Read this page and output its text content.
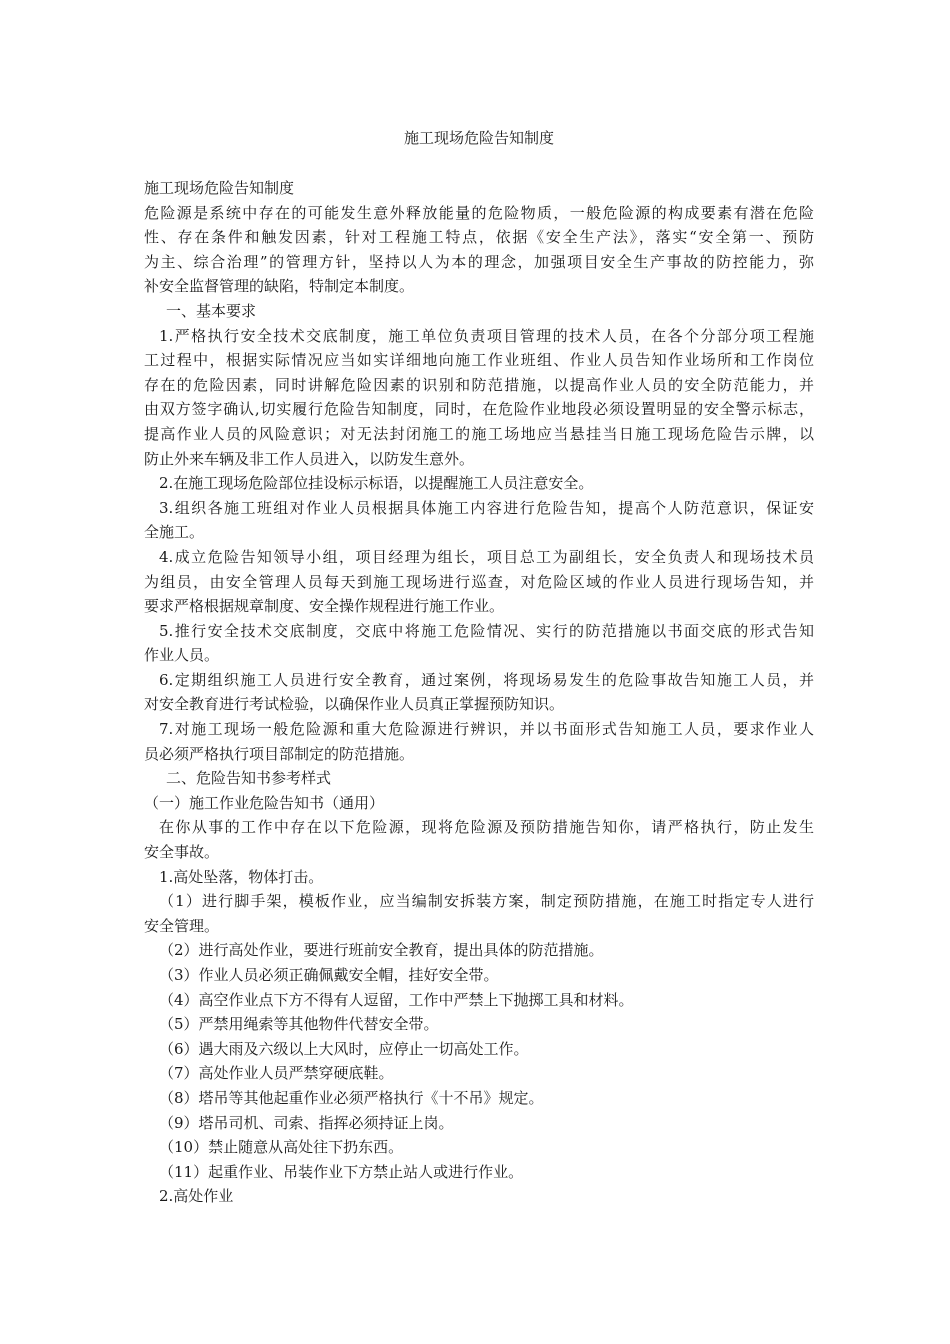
施工现场危险告知制度
施工现场危险告知制度
危险源是系统中存在的可能发生意外释放能量的危险物质，一般危险源的构成要素有潜在危险
性、存在条件和触发因素，针对工程施工特点，依据《安全生产法》，落实“安全第一、预防
为主、综合治理”的管理方针，坚持以人为本的理念，加强项目安全生产事故的防控能力，弥
补安全监督管理的缺陷，特制定本制度。
一、基本要求
1.严格执行安全技术交底制度，施工单位负责项目管理的技术人员，在各个分部分项工程施
工过程中，根据实际情况应当如实详细地向施工作业班组、作业人员告知作业场所和工作岗位
存在的危险因素，同时讲解危险因素的识别和防范措施，以提高作业人员的安全防范能力，并
由双方签字确认,切实履行危险告知制度，同时，在危险作业地段必须设置明显的安全警示标志，
提高作业人员的风险意识；对无法封闭施工的施工场地应当悬挂当日施工现场危险告示牌，以
防止外来车辆及非工作人员进入，以防发生意外。
2.在施工现场危险部位挂设标示标语，以提醒施工人员注意安全。
3.组织各施工班组对作业人员根据具体施工内容进行危险告知，提高个人防范意识，保证安
全施工。
4.成立危险告知领导小组，项目经理为组长，项目总工为副组长，安全负责人和现场技术员
为组员，由安全管理人员每天到施工现场进行巡查，对危险区域的作业人员进行现场告知，并
要求严格根据规章制度、安全操作规程进行施工作业。
5.推行安全技术交底制度，交底中将施工危险情况、实行的防范措施以书面交底的形式告知
作业人员。
6.定期组织施工人员进行安全教育，通过案例，将现场易发生的危险事故告知施工人员，并
对安全教育进行考试检验，以确保作业人员真正掌握预防知识。
7.对施工现场一般危险源和重大危险源进行辨识，并以书面形式告知施工人员，要求作业人
员必须严格执行项目部制定的防范措施。
二、危险告知书参考样式
（一）施工作业危险告知书（通用）
在你从事的工作中存在以下危险源，现将危险源及预防措施告知你，请严格执行，防止发生
安全事故。
1.高处坠落，物体打击。
（1）进行脚手架，模板作业，应当编制安拆装方案，制定预防措施，在施工时指定专人进行
安全管理。
（2）进行高处作业，要进行班前安全教育，提出具体的防范措施。
（3）作业人员必须正确佩戴安全帽，挂好安全带。
（4）高空作业点下方不得有人逗留，工作中严禁上下抛掷工具和材料。
（5）严禁用绳索等其他物件代替安全带。
（6）遇大雨及六级以上大风时，应停止一切高处工作。
（7）高处作业人员严禁穿硬底鞋。
（8）塔吊等其他起重作业必须严格执行《十不吊》规定。
（9）塔吊司机、司索、指挥必须持证上岗。
（10）禁止随意从高处往下扔东西。
（11）起重作业、吊装作业下方禁止站人或进行作业。
2.高处作业
